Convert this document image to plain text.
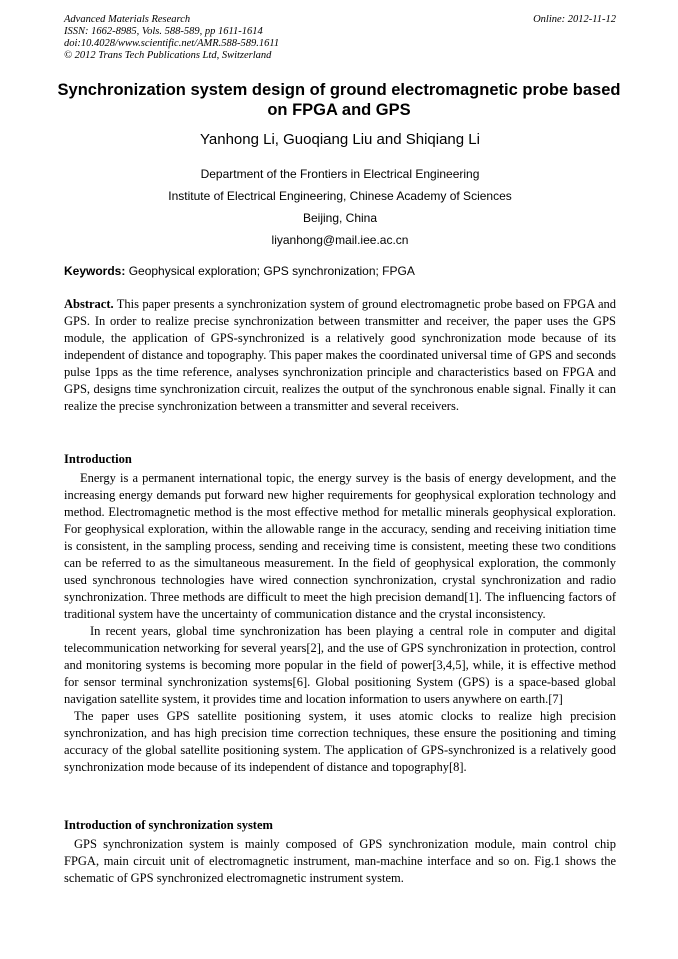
Advanced Materials Research
ISSN: 1662-8985, Vols. 588-589, pp 1611-1614
doi:10.4028/www.scientific.net/AMR.588-589.1611
© 2012 Trans Tech Publications Ltd, Switzerland
Online: 2012-11-12
Synchronization system design of ground electromagnetic probe based on FPGA and GPS
Yanhong Li, Guoqiang Liu and Shiqiang Li
Department of the Frontiers in Electrical Engineering
Institute of Electrical Engineering, Chinese Academy of Sciences
Beijing, China
liyanhong@mail.iee.ac.cn
Keywords: Geophysical exploration; GPS synchronization; FPGA
Abstract. This paper presents a synchronization system of ground electromagnetic probe based on FPGA and GPS. In order to realize precise synchronization between transmitter and receiver, the paper uses the GPS module, the application of GPS-synchronized is a relatively good synchronization mode because of its independent of distance and topography. This paper makes the coordinated universal time of GPS and seconds pulse 1pps as the time reference, analyses synchronization principle and characteristics based on FPGA and GPS, designs time synchronization circuit, realizes the output of the synchronous enable signal. Finally it can realize the precise synchronization between a transmitter and several receivers.
Introduction

Energy is a permanent international topic, the energy survey is the basis of energy development, and the increasing energy demands put forward new higher requirements for geophysical exploration technology and method. Electromagnetic method is the most effective method for metallic minerals geophysical exploration. For geophysical exploration, within the allowable range in the accuracy, sending and receiving initiation time is consistent, in the sampling process, sending and receiving time is consistent, meeting these two conditions can be referred to as the simultaneous measurement. In the field of geophysical exploration, the commonly used synchronous technologies have wired connection synchronization, crystal synchronization and radio synchronization. Three methods are difficult to meet the high precision demand[1]. The influencing factors of traditional system have the uncertainty of communication distance and the crystal inconsistency.

In recent years, global time synchronization has been playing a central role in computer and digital telecommunication networking for several years[2], and the use of GPS synchronization in protection, control and monitoring systems is becoming more popular in the field of power[3,4,5], while, it is effective method for sensor terminal synchronization systems[6]. Global positioning System (GPS) is a space-based global navigation satellite system, it provides time and location information to users anywhere on earth.[7]

The paper uses GPS satellite positioning system, it uses atomic clocks to realize high precision synchronization, and has high precision time correction techniques, these ensure the positioning and timing accuracy of the global satellite positioning system. The application of GPS-synchronized is a relatively good synchronization mode because of its independent of distance and topography[8].

Introduction of synchronization system

GPS synchronization system is mainly composed of GPS synchronization module, main control chip FPGA, main circuit unit of electromagnetic instrument, man-machine interface and so on. Fig.1 shows the schematic of GPS synchronized electromagnetic instrument system.
